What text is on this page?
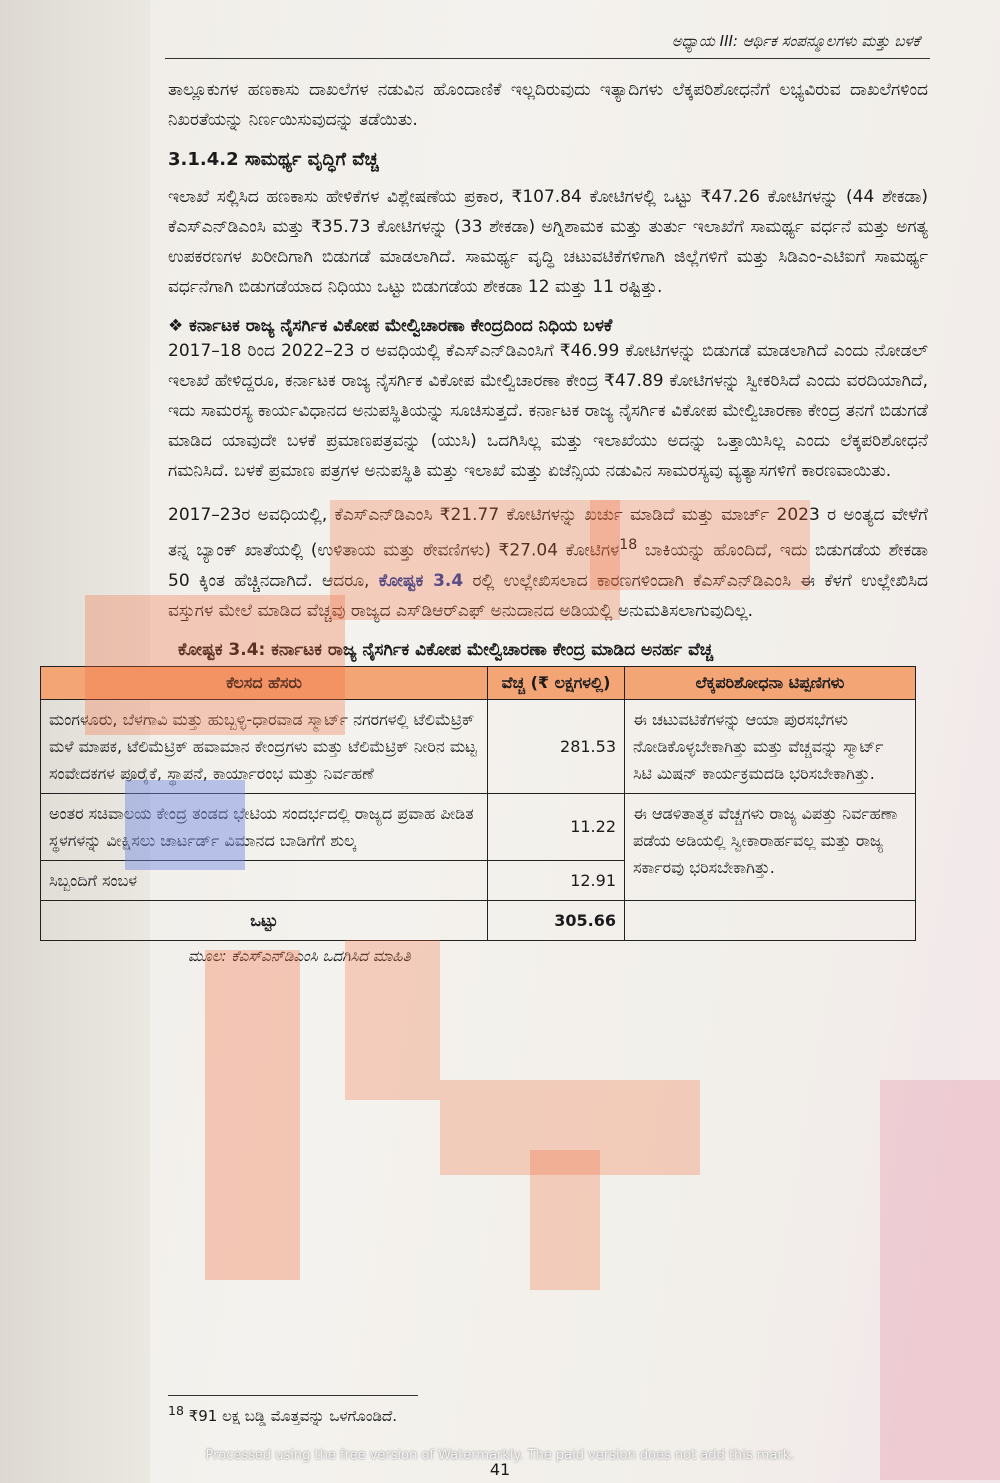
ಅಧ್ಯಾಯ III: ಆರ್ಥಿಕ ಸಂಪನ್ಮೂಲಗಳು ಮತ್ತು ಬಳಕೆ

ತಾಲ್ಲೂಕುಗಳ ಹಣಕಾಸು ದಾಖಲೆಗಳ ನಡುವಿನ ಹೊಂದಾಣಿಕೆ ಇಲ್ಲದಿರುವುದು ಇತ್ಯಾದಿಗಳು ಲೆಕ್ಕಪರಿಶೋಧನೆಗೆ ಲಭ್ಯವಿರುವ ದಾಖಲೆಗಳಿಂದ ನಿಖರತೆಯನ್ನು ನಿರ್ಣಯಿಸುವುದನ್ನು ತಡೆಯಿತು.

3.1.4.2 ಸಾಮರ್ಥ್ಯ ವೃದ್ಧಿಗೆ ವೆಚ್ಚ

ಇಲಾಖೆ ಸಲ್ಲಿಸಿದ ಹಣಕಾಸು ಹೇಳಿಕೆಗಳ ವಿಶ್ಲೇಷಣೆಯ ಪ್ರಕಾರ, ₹107.84 ಕೋಟಿಗಳಲ್ಲಿ ಒಟ್ಟು ₹47.26 ಕೋಟಿಗಳನ್ನು (44 ಶೇಕಡಾ) ಕೆಎಸ್ಎನ್‌ಡಿಎಂಸಿ ಮತ್ತು ₹35.73 ಕೋಟಿಗಳನ್ನು (33 ಶೇಕಡಾ) ಅಗ್ನಿಶಾಮಕ ಮತ್ತು ತುರ್ತು ಇಲಾಖೆಗೆ ಸಾಮರ್ಥ್ಯ ವರ್ಧನೆ ಮತ್ತು ಅಗತ್ಯ ಉಪಕರಣಗಳ ಖರೀದಿಗಾಗಿ ಬಿಡುಗಡೆ ಮಾಡಲಾಗಿದೆ. ಸಾಮರ್ಥ್ಯ ವೃದ್ಧಿ ಚಟುವಟಿಕೆಗಳಿಗಾಗಿ ಜಿಲ್ಲೆಗಳಿಗೆ ಮತ್ತು ಸಿಡಿಎಂ-ಎಟಿಐಗೆ ಸಾಮರ್ಥ್ಯ ವರ್ಧನೆಗಾಗಿ ಬಿಡುಗಡೆಯಾದ ನಿಧಿಯು ಒಟ್ಟು ಬಿಡುಗಡೆಯ ಶೇಕಡಾ 12 ಮತ್ತು 11 ರಷ್ಟಿತ್ತು.

❖ ಕರ್ನಾಟಕ ರಾಜ್ಯ ನೈಸರ್ಗಿಕ ವಿಕೋಪ ಮೇಲ್ವಿಚಾರಣಾ ಕೇಂದ್ರದಿಂದ ನಿಧಿಯ ಬಳಕೆ

2017–18 ರಿಂದ 2022–23 ರ ಅವಧಿಯಲ್ಲಿ ಕೆಎಸ್ಎನ್‌ಡಿಎಂಸಿಗೆ ₹46.99 ಕೋಟಿಗಳನ್ನು ಬಿಡುಗಡೆ ಮಾಡಲಾಗಿದೆ ಎಂದು ನೋಡಲ್ ಇಲಾಖೆ ಹೇಳಿದ್ದರೂ, ಕರ್ನಾಟಕ ರಾಜ್ಯ ನೈಸರ್ಗಿಕ ವಿಕೋಪ ಮೇಲ್ವಿಚಾರಣಾ ಕೇಂದ್ರ ₹47.89 ಕೋಟಿಗಳನ್ನು ಸ್ವೀಕರಿಸಿದೆ ಎಂದು ವರದಿಯಾಗಿದೆ, ಇದು ಸಾಮರಸ್ಯ ಕಾರ್ಯವಿಧಾನದ ಅನುಪಸ್ಥಿತಿಯನ್ನು ಸೂಚಿಸುತ್ತದೆ. ಕರ್ನಾಟಕ ರಾಜ್ಯ ನೈಸರ್ಗಿಕ ವಿಕೋಪ ಮೇಲ್ವಿಚಾರಣಾ ಕೇಂದ್ರ ತನಗೆ ಬಿಡುಗಡೆ ಮಾಡಿದ ಯಾವುದೇ ಬಳಕೆ ಪ್ರಮಾಣಪತ್ರವನ್ನು (ಯುಸಿ) ಒದಗಿಸಿಲ್ಲ ಮತ್ತು ಇಲಾಖೆಯು ಅದನ್ನು ಒತ್ತಾಯಿಸಿಲ್ಲ ಎಂದು ಲೆಕ್ಕಪರಿಶೋಧನೆ ಗಮನಿಸಿದೆ. ಬಳಕೆ ಪ್ರಮಾಣ ಪತ್ರಗಳ ಅನುಪಸ್ಥಿತಿ ಮತ್ತು ಇಲಾಖೆ ಮತ್ತು ಏಜೆನ್ಸಿಯ ನಡುವಿನ ಸಾಮರಸ್ಯವು ವ್ಯತ್ಯಾಸಗಳಿಗೆ ಕಾರಣವಾಯಿತು.

2017–23ರ ಅವಧಿಯಲ್ಲಿ, ಕೆಎಸ್ಎನ್‌ಡಿಎಂಸಿ ₹21.77 ಕೋಟಿಗಳನ್ನು ಖರ್ಚು ಮಾಡಿದೆ ಮತ್ತು ಮಾರ್ಚ್ 2023 ರ ಅಂತ್ಯದ ವೇಳೆಗೆ ತನ್ನ ಬ್ಯಾಂಕ್ ಖಾತೆಯಲ್ಲಿ (ಉಳಿತಾಯ ಮತ್ತು ಠೇವಣಿಗಳು) ₹27.04 ಕೋಟಿಗಳ$^{18}$ ಬಾಕಿಯನ್ನು ಹೊಂದಿದೆ, ಇದು ಬಿಡುಗಡೆಯ ಶೇಕಡಾ 50 ಕ್ಕಿಂತ ಹೆಚ್ಚಿನದಾಗಿದೆ. ಆದರೂ, ಕೋಷ್ಟಕ 3.4 ರಲ್ಲಿ ಉಲ್ಲೇಖಿಸಲಾದ ಕಾರಣಗಳಿಂದಾಗಿ ಕೆಎಸ್ಎನ್‌ಡಿಎಂಸಿ ಈ ಕೆಳಗೆ ಉಲ್ಲೇಖಿಸಿದ ವಸ್ತುಗಳ ಮೇಲೆ ಮಾಡಿದ ವೆಚ್ಚವು ರಾಜ್ಯದ ಎಸ್‌ಡಿಆರ್‌ಎಫ್ ಅನುದಾನದ ಅಡಿಯಲ್ಲಿ ಅನುಮತಿಸಲಾಗುವುದಿಲ್ಲ.

ಕೋಷ್ಟಕ 3.4: ಕರ್ನಾಟಕ ರಾಜ್ಯ ನೈಸರ್ಗಿಕ ವಿಕೋಪ ಮೇಲ್ವಿಚಾರಣಾ ಕೇಂದ್ರ ಮಾಡಿದ ಅನರ್ಹ ವೆಚ್ಚ
ಕೆಲಸದ ಹೆಸರು	ವೆಚ್ಚ (₹ ಲಕ್ಷಗಳಲ್ಲಿ)	ಲೆಕ್ಕಪರಿಶೋಧನಾ ಟಿಪ್ಪಣಿಗಳು
ಮಂಗಳೂರು, ಬೆಳಗಾವಿ ಮತ್ತು ಹುಬ್ಬಳ್ಳಿ-ಧಾರವಾಡ ಸ್ಮಾರ್ಟ್ ನಗರಗಳಲ್ಲಿ ಟೆಲಿಮೆಟ್ರಿಕ್ ಮಳೆ ಮಾಪಕ, ಟೆಲಿಮೆಟ್ರಿಕ್ ಹವಾಮಾನ ಕೇಂದ್ರಗಳು ಮತ್ತು ಟೆಲಿಮೆಟ್ರಿಕ್ ನೀರಿನ ಮಟ್ಟ ಸಂವೇದಕಗಳ ಪೂರೈಕೆ, ಸ್ಥಾಪನೆ, ಕಾರ್ಯಾರಂಭ ಮತ್ತು ನಿರ್ವಹಣೆ	281.53	ಈ ಚಟುವಟಿಕೆಗಳನ್ನು ಆಯಾ ಪುರಸಭೆಗಳು ನೋಡಿಕೊಳ್ಳಬೇಕಾಗಿತ್ತು ಮತ್ತು ವೆಚ್ಚವನ್ನು ಸ್ಮಾರ್ಟ್ ಸಿಟಿ ಮಿಷನ್ ಕಾರ್ಯಕ್ರಮದಡಿ ಭರಿಸಬೇಕಾಗಿತ್ತು.
ಅಂತರ ಸಚಿವಾಲಯ ಕೇಂದ್ರ ತಂಡದ ಭೇಟಿಯ ಸಂದರ್ಭದಲ್ಲಿ ರಾಜ್ಯದ ಪ್ರವಾಹ ಪೀಡಿತ ಸ್ಥಳಗಳನ್ನು ವೀಕ್ಷಿಸಲು ಚಾರ್ಟರ್ಡ್ ವಿಮಾನದ ಬಾಡಿಗೆಗೆ ಶುಲ್ಕ	11.22	ಈ ಆಡಳಿತಾತ್ಮಕ ವೆಚ್ಚಗಳು ರಾಜ್ಯ ವಿಪತ್ತು ನಿರ್ವಹಣಾ ಪಡೆಯ ಅಡಿಯಲ್ಲಿ ಸ್ವೀಕಾರಾರ್ಹವಲ್ಲ ಮತ್ತು ರಾಜ್ಯ ಸರ್ಕಾರವು ಭರಿಸಬೇಕಾಗಿತ್ತು.
ಸಿಬ್ಬಂದಿಗೆ ಸಂಬಳ	12.91	
ಒಟ್ಟು	305.66	
ಮೂಲ: ಕೆಎಸ್ಎನ್‌ಡಿಎಂಸಿ ಒದಗಿಸಿದ ಮಾಹಿತಿ
$^{18}$ ₹91 ಲಕ್ಷ ಬಡ್ಡಿ ಮೊತ್ತವನ್ನು ಒಳಗೊಂಡಿದೆ.
Processed using the free version of Watermarkly. The paid version does not add this mark.
41
